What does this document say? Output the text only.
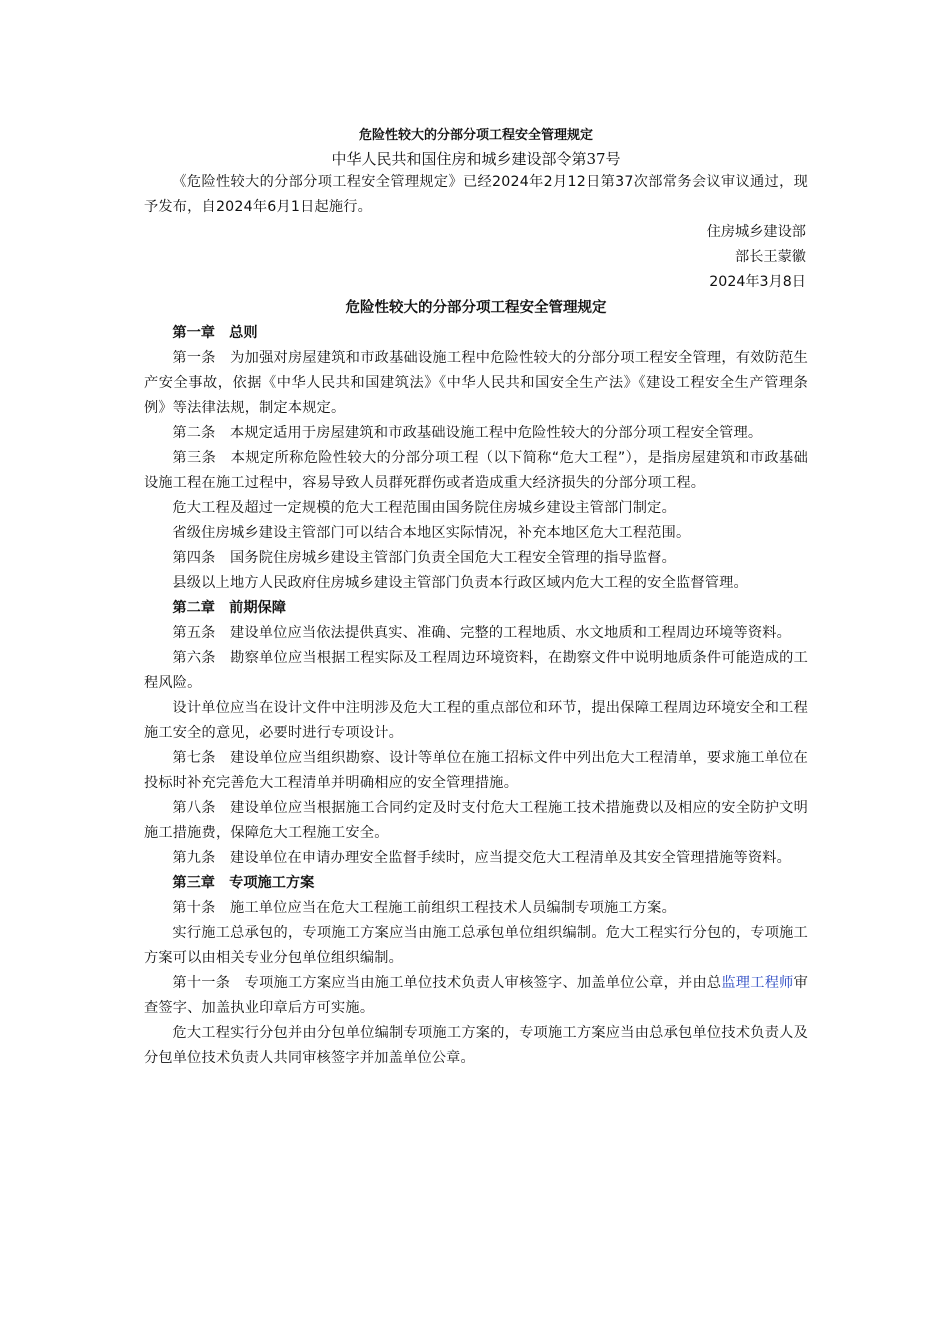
危险性较大的分部分项工程安全管理规定
中华人民共和国住房和城乡建设部令第37号

《危险性较大的分部分项工程安全管理规定》已经2024年2月12日第37次部常务会议审议通过，现予发布，自2024年6月1日起施行。

住房城乡建设部

部长王蒙徽

2024年3月8日

危险性较大的分部分项工程安全管理规定

第一章　总则

第一条　为加强对房屋建筑和市政基础设施工程中危险性较大的分部分项工程安全管理，有效防范生产安全事故，依据《中华人民共和国建筑法》《中华人民共和国安全生产法》《建设工程安全生产管理条例》等法律法规，制定本规定。

第二条　本规定适用于房屋建筑和市政基础设施工程中危险性较大的分部分项工程安全管理。

第三条　本规定所称危险性较大的分部分项工程（以下简称“危大工程”），是指房屋建筑和市政基础设施工程在施工过程中，容易导致人员群死群伤或者造成重大经济损失的分部分项工程。

危大工程及超过一定规模的危大工程范围由国务院住房城乡建设主管部门制定。

省级住房城乡建设主管部门可以结合本地区实际情况，补充本地区危大工程范围。

第四条　国务院住房城乡建设主管部门负责全国危大工程安全管理的指导监督。

县级以上地方人民政府住房城乡建设主管部门负责本行政区域内危大工程的安全监督管理。

第二章　前期保障

第五条　建设单位应当依法提供真实、准确、完整的工程地质、水文地质和工程周边环境等资料。

第六条　勘察单位应当根据工程实际及工程周边环境资料，在勘察文件中说明地质条件可能造成的工程风险。

设计单位应当在设计文件中注明涉及危大工程的重点部位和环节，提出保障工程周边环境安全和工程施工安全的意见，必要时进行专项设计。

第七条　建设单位应当组织勘察、设计等单位在施工招标文件中列出危大工程清单，要求施工单位在投标时补充完善危大工程清单并明确相应的安全管理措施。

第八条　建设单位应当根据施工合同约定及时支付危大工程施工技术措施费以及相应的安全防护文明施工措施费，保障危大工程施工安全。

第九条　建设单位在申请办理安全监督手续时，应当提交危大工程清单及其安全管理措施等资料。

第三章　专项施工方案

第十条　施工单位应当在危大工程施工前组织工程技术人员编制专项施工方案。

实行施工总承包的，专项施工方案应当由施工总承包单位组织编制。危大工程实行分包的，专项施工方案可以由相关专业分包单位组织编制。

第十一条　专项施工方案应当由施工单位技术负责人审核签字、加盖单位公章，并由总监理工程师审查签字、加盖执业印章后方可实施。

危大工程实行分包并由分包单位编制专项施工方案的，专项施工方案应当由总承包单位技术负责人及分包单位技术负责人共同审核签字并加盖单位公章。
